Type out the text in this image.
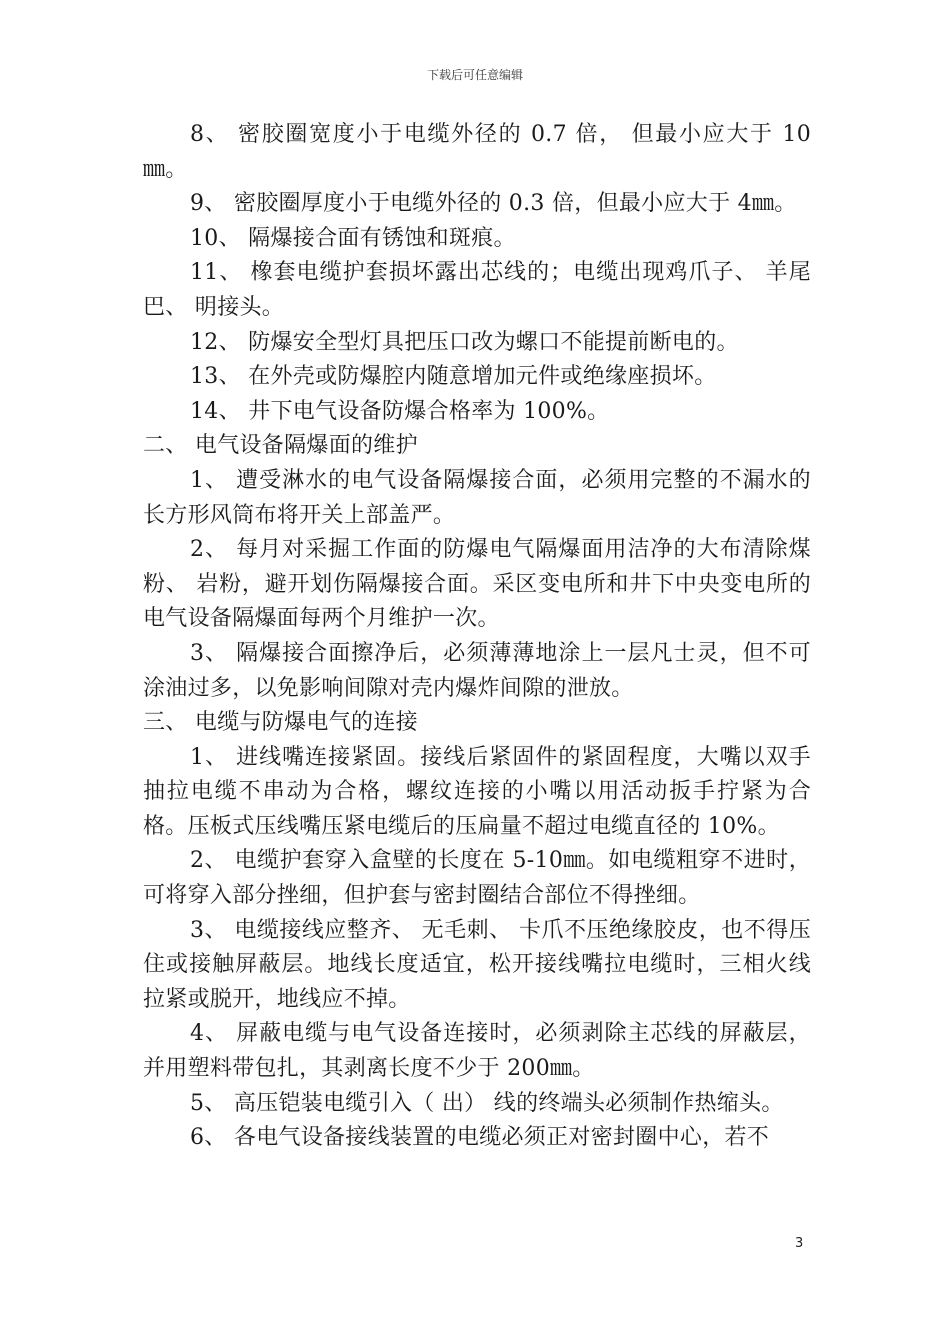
下载后可任意编辑

8、 密胶圈宽度小于电缆外径的 0.7 倍， 但最小应大于 10㎜。

9、 密胶圈厚度小于电缆外径的 0.3 倍，但最小应大于 4㎜。

10、 隔爆接合面有锈蚀和斑痕。

11、 橡套电缆护套损坏露出芯线的；电缆出现鸡爪子、 羊尾巴、 明接头。

12、 防爆安全型灯具把压口改为螺口不能提前断电的。

13、 在外壳或防爆腔内随意增加元件或绝缘座损坏。

14、 井下电气设备防爆合格率为 100%。

二、 电气设备隔爆面的维护

1、 遭受淋水的电气设备隔爆接合面，必须用完整的不漏水的长方形风筒布将开关上部盖严。

2、 每月对采掘工作面的防爆电气隔爆面用洁净的大布清除煤粉、 岩粉，避开划伤隔爆接合面。采区变电所和井下中央变电所的电气设备隔爆面每两个月维护一次。

3、 隔爆接合面擦净后，必须薄薄地涂上一层凡士灵，但不可涂油过多，以免影响间隙对壳内爆炸间隙的泄放。

三、 电缆与防爆电气的连接

1、 进线嘴连接紧固。接线后紧固件的紧固程度，大嘴以双手抽拉电缆不串动为合格，螺纹连接的小嘴以用活动扳手拧紧为合格。压板式压线嘴压紧电缆后的压扁量不超过电缆直径的 10%。

2、 电缆护套穿入盒壁的长度在 5-10㎜。如电缆粗穿不进时， 可将穿入部分挫细，但护套与密封圈结合部位不得挫细。

3、 电缆接线应整齐、 无毛刺、 卡爪不压绝缘胶皮，也不得压住或接触屏蔽层。地线长度适宜，松开接线嘴拉电缆时，三相火线拉紧或脱开，地线应不掉。

4、 屏蔽电缆与电气设备连接时，必须剥除主芯线的屏蔽层，并用塑料带包扎，其剥离长度不少于 200㎜。

5、 高压铠装电缆引入（ 出） 线的终端头必须制作热缩头。

6、 各电气设备接线装置的电缆必须正对密封圈中心，若不

3
